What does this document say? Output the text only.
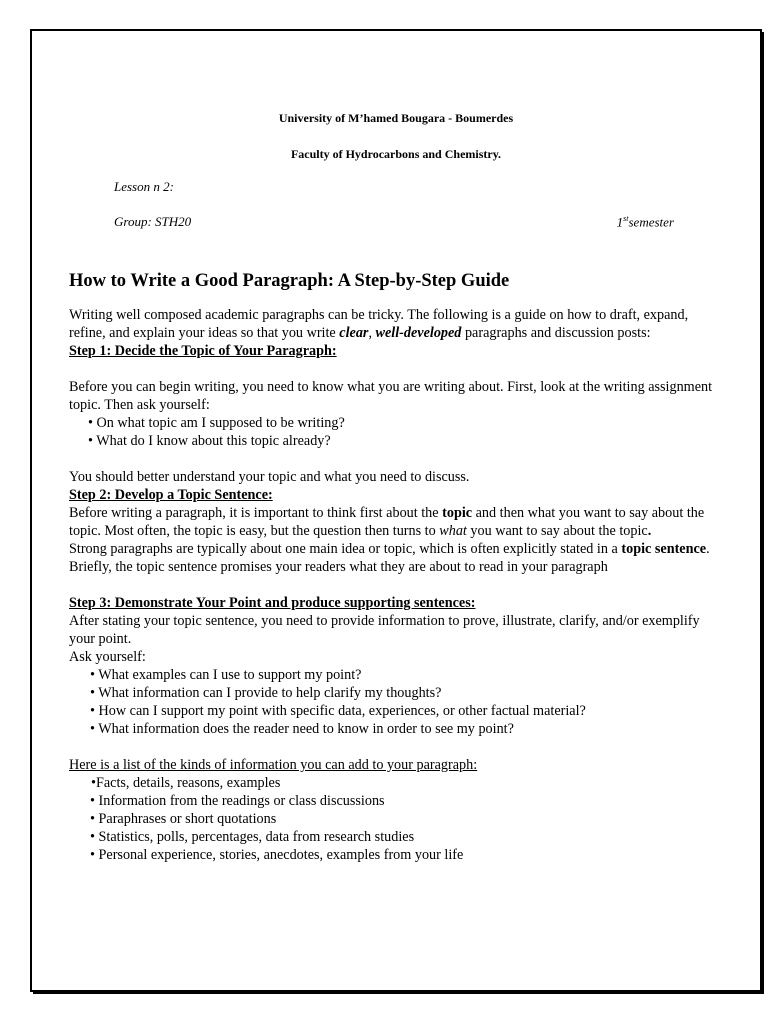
University of M’hamed Bougara - Boumerdes
Faculty of Hydrocarbons and Chemistry.
Lesson n 2:
Group: STH20	1stsemester
How to Write a Good Paragraph: A Step-by-Step Guide

Writing well composed academic paragraphs can be tricky. The following is a guide on how to draft, expand, refine, and explain your ideas so that you write clear, well-developed paragraphs and discussion posts:

Step 1: Decide the Topic of Your Paragraph:

Before you can begin writing, you need to know what you are writing about. First, look at the writing assignment topic. Then ask yourself:

• On what topic am I supposed to be writing?
• What do I know about this topic already?

You should better understand your topic and what you need to discuss.

Step 2: Develop a Topic Sentence:

Before writing a paragraph, it is important to think first about the topic and then what you want to say about the topic. Most often, the topic is easy, but the question then turns to what you want to say about the topic.

Strong paragraphs are typically about one main idea or topic, which is often explicitly stated in a topic sentence. Briefly, the topic sentence promises your readers what they are about to read in your paragraph

Step 3: Demonstrate Your Point and produce supporting sentences:

After stating your topic sentence, you need to provide information to prove, illustrate, clarify, and/or exemplify your point.

Ask yourself:

• What examples can I use to support my point?
• What information can I provide to help clarify my thoughts?
• How can I support my point with specific data, experiences, or other factual material?
• What information does the reader need to know in order to see my point?

Here is a list of the kinds of information you can add to your paragraph:

•Facts, details, reasons, examples
• Information from the readings or class discussions
• Paraphrases or short quotations
• Statistics, polls, percentages, data from research studies
• Personal experience, stories, anecdotes, examples from your life
